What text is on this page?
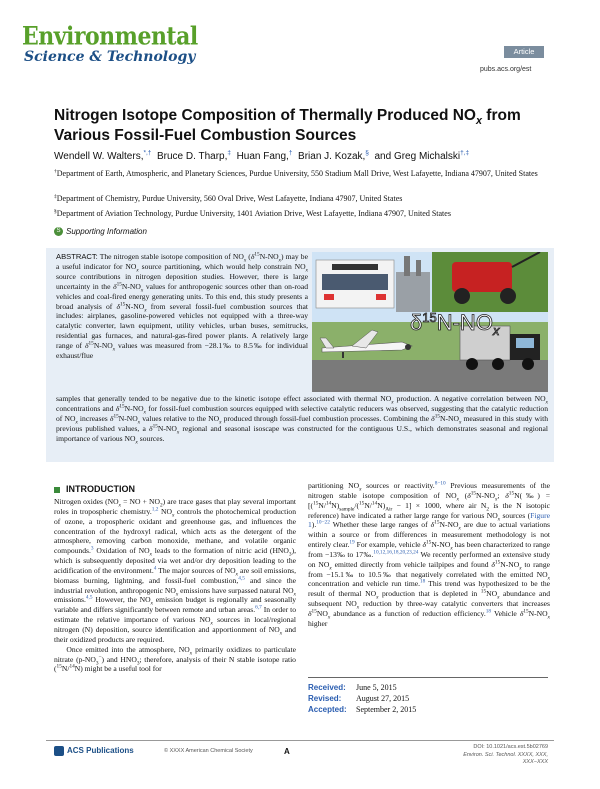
Environmental
Science & Technology	Article
pubs.acs.org/est
Nitrogen Isotope Composition of Thermally Produced $NO_x$ from Various Fossil-Fuel Combustion Sources
Wendell W. Walters,*,† Bruce D. Tharp,‡ Huan Fang,† Brian J. Kozak,§ and Greg Michalski†,‡
†Department of Earth, Atmospheric, and Planetary Sciences, Purdue University, 550 Stadium Mall Drive, West Lafayette, Indiana 47907, United States
‡Department of Chemistry, Purdue University, 560 Oval Drive, West Lafayette, Indiana 47907, United States
§Department of Aviation Technology, Purdue University, 1401 Aviation Drive, West Lafayette, Indiana 47907, United States
S Supporting Information
ABSTRACT: The nitrogen stable isotope composition of $NO_x$ $(\delta^{15}N-NO_x)$ may be a useful indicator for $NO_x$ source partitioning, which would help constrain $NO_x$ source contributions in nitrogen deposition studies. However, there is large uncertainty in the $\delta^{15}N-NO_x$ values for anthropogenic sources other than on-road vehicles and coal-fired energy generating units. To this end, this study presents a broad analysis of $\delta^{15}N-NO_x$ from several fossil-fuel combustion sources that includes: airplanes, gasoline-powered vehicles not equipped with a three-way catalytic converter, lawn equipment, utility vehicles, urban buses, semitrucks, residential gas furnaces, and natural-gas-fired power plants. A relatively large range of $\delta^{15}N-NO_x$ values was measured from −28.1‰ to 8.5‰ for individual exhaust/flue
$\delta^{15}N-NO_x$
samples that generally tended to be negative due to the kinetic isotope effect associated with thermal $NO_x$ production. A negative correlation between $NO_x$ concentrations and $\delta^{15}N-NO_x$ for fossil-fuel combustion sources equipped with selective catalytic reducers was observed, suggesting that the catalytic reduction of $NO_x$ increases $\delta^{15}N-NO_x$ values relative to the $NO_x$ produced through fossil-fuel combustion processes. Combining the $\delta^{15}N-NO_x$ measured in this study with previous published values, a $\delta^{15}N-NO_x$ regional and seasonal isoscape was constructed for the contiguous U.S., which demonstrates seasonal and regional importance of various $NO_x$ sources.
INTRODUCTION
Nitrogen oxides ($NO_x$ = NO + $NO_2$) are trace gases that play several important roles in tropospheric chemistry.$^{1,2}$ $NO_x$ controls the photochemical production of ozone, a tropospheric oxidant and greenhouse gas, and influences the concentration of the hydroxyl radical, which acts as the detergent of the atmosphere, removing carbon monoxide, methane, and volatile organic compounds.$^3$ Oxidation of $NO_x$ leads to the formation of nitric acid $(HNO_3)$, which is subsequently deposited via wet and/or dry deposition leading to the acidification of the environment.$^4$ The major sources of $NO_x$ are soil emissions, biomass burning, lightning, and fossil-fuel combustion,$^{4,5}$ and since the industrial revolution, anthropogenic $NO_x$ emissions have surpassed natural $NO_x$ emissions.$^{4,5}$ However, the $NO_x$ emission budget is regionally and seasonally variable and differs significantly between remote and urban areas.$^{6,7}$ In order to estimate the relative importance of various $NO_x$ sources in local/regional nitrogen (N) deposition, source identification and apportionment of $NO_x$ and their oxidized products are required.
Once emitted into the atmosphere, $NO_x$ primarily oxidizes to particulate nitrate $(p-NO_3^-)$ and $HNO_3$; therefore, analysis of their N stable isotope ratio ($^{15}$N/$^{14}$N) might be a useful tool for
partitioning $NO_x$ sources or reactivity.$^{8-10}$ Previous measurements of the nitrogen stable isotope composition of $NO_x$ ($\delta^{15}N-NO_x$; $\delta^{15}N(‰) = [(^{15}N/^{14}N)_{sample}/(^{15}N/^{14}N)_{Air} - 1] \times 1000$, where air $N_2$ is the N isotopic reference) have indicated a rather large range for various $NO_x$ sources (Figure 1).$^{10-22}$ Whether these large ranges of $\delta^{15}N-NO_x$ are due to actual variations within a source or from differences in measurement methodology is not entirely clear.$^{19}$ For example, vehicle $\delta^{15}N-NO_x$ has been characterized to range from −13‰ to 17‰.$^{10,12,16,18,20,23,24}$ We recently performed an extensive study on $NO_x$ emitted directly from vehicle tailpipes and found $\delta^{15}N-NO_x$ to range from −15.1‰ to 10.5‰ that negatively correlated with the emitted $NO_x$ concentration and vehicle run time.$^{18}$ This trend was hypothesized to be the result of thermal $NO_x$ production that is depleted in $^{15}NO_x$ abundance and subsequent $NO_x$ reduction by three-way catalytic converters that increases $\delta^{15}NO_x$ abundance as a function of reduction efficiency.$^{18}$ Vehicle $\delta^{15}N-NO_x$ higher
Received: June 5, 2015
Revised: August 27, 2015
Accepted: September 2, 2015
ACS Publications	© XXXX American Chemical Society	A	DOI: 10.1021/acs.est.5b02769
Environ. Sci. Technol. XXXX, XXX, XXX−XXX
